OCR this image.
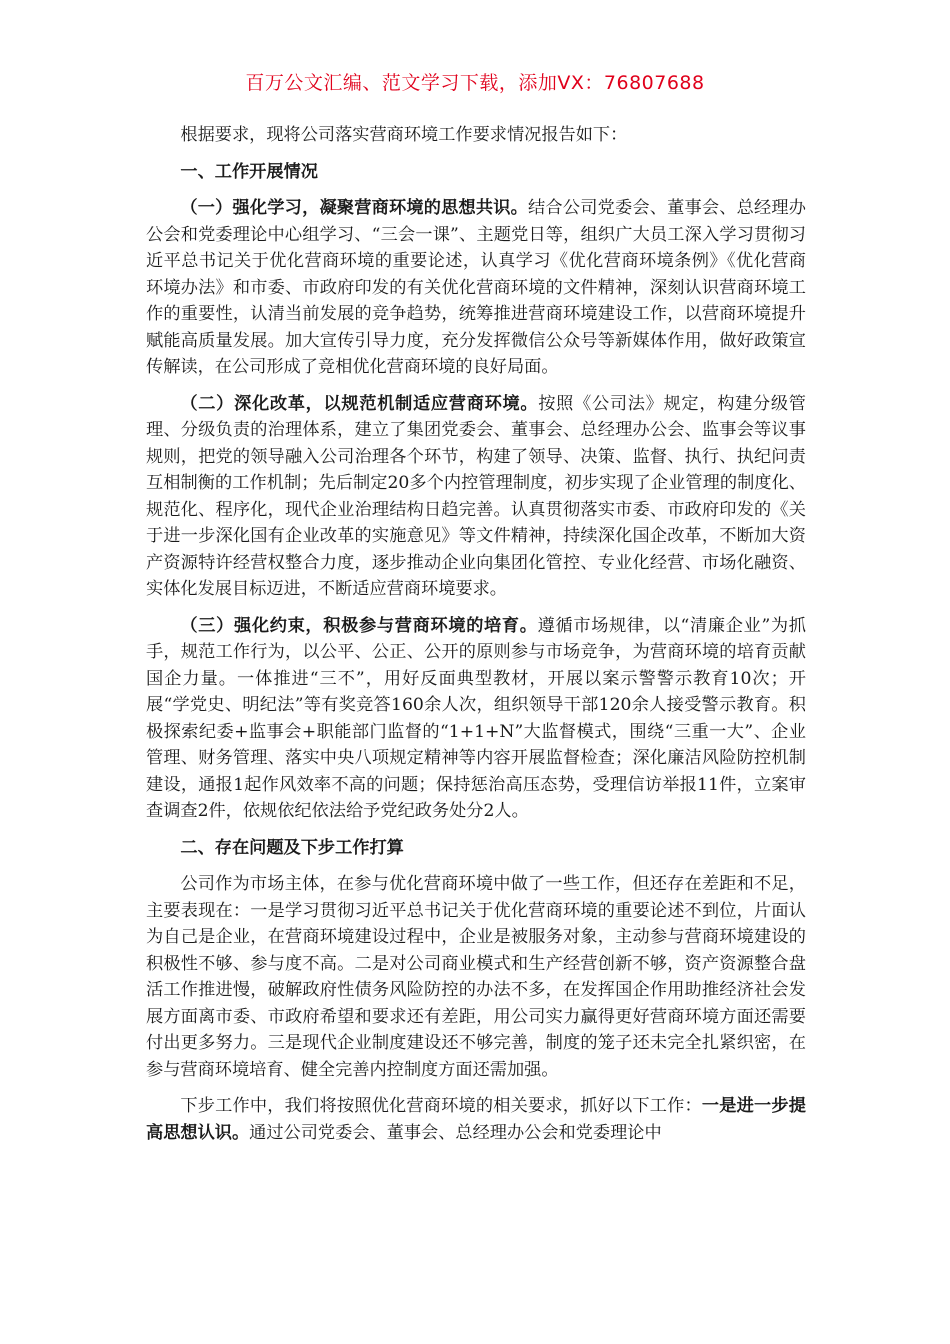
百万公文汇编、范文学习下载，添加VX：76807688

根据要求，现将公司落实营商环境工作要求情况报告如下：

一、工作开展情况

（一）强化学习，凝聚营商环境的思想共识。结合公司党委会、董事会、总经理办公会和党委理论中心组学习、“三会一课”、主题党日等，组织广大员工深入学习贯彻习近平总书记关于优化营商环境的重要论述，认真学习《优化营商环境条例》《优化营商环境办法》和市委、市政府印发的有关优化营商环境的文件精神，深刻认识营商环境工作的重要性，认清当前发展的竞争趋势，统筹推进营商环境建设工作，以营商环境提升赋能高质量发展。加大宣传引导力度，充分发挥微信公众号等新媒体作用，做好政策宣传解读，在公司形成了竞相优化营商环境的良好局面。

（二）深化改革，以规范机制适应营商环境。按照《公司法》规定，构建分级管理、分级负责的治理体系，建立了集团党委会、董事会、总经理办公会、监事会等议事规则，把党的领导融入公司治理各个环节，构建了领导、决策、监督、执行、执纪问责互相制衡的工作机制；先后制定20多个内控管理制度，初步实现了企业管理的制度化、规范化、程序化，现代企业治理结构日趋完善。认真贯彻落实市委、市政府印发的《关于进一步深化国有企业改革的实施意见》等文件精神，持续深化国企改革，不断加大资产资源特许经营权整合力度，逐步推动企业向集团化管控、专业化经营、市场化融资、实体化发展目标迈进，不断适应营商环境要求。

（三）强化约束，积极参与营商环境的培育。遵循市场规律，以“清廉企业”为抓手，规范工作行为，以公平、公正、公开的原则参与市场竞争，为营商环境的培育贡献国企力量。一体推进“三不”，用好反面典型教材，开展以案示警警示教育10次；开展“学党史、明纪法”等有奖竞答160余人次，组织领导干部120余人接受警示教育。积极探索纪委+监事会+职能部门监督的“1+1+N”大监督模式，围绕“三重一大”、企业管理、财务管理、落实中央八项规定精神等内容开展监督检查；深化廉洁风险防控机制建设，通报1起作风效率不高的问题；保持惩治高压态势，受理信访举报11件，立案审查调查2件，依规依纪依法给予党纪政务处分2人。

二、存在问题及下步工作打算

公司作为市场主体，在参与优化营商环境中做了一些工作，但还存在差距和不足，主要表现在：一是学习贯彻习近平总书记关于优化营商环境的重要论述不到位，片面认为自己是企业，在营商环境建设过程中，企业是被服务对象，主动参与营商环境建设的积极性不够、参与度不高。二是对公司商业模式和生产经营创新不够，资产资源整合盘活工作推进慢，破解政府性债务风险防控的办法不多，在发挥国企作用助推经济社会发展方面离市委、市政府希望和要求还有差距，用公司实力赢得更好营商环境方面还需要付出更多努力。三是现代企业制度建设还不够完善，制度的笼子还未完全扎紧织密，在参与营商环境培育、健全完善内控制度方面还需加强。

下步工作中，我们将按照优化营商环境的相关要求，抓好以下工作：一是进一步提高思想认识。通过公司党委会、董事会、总经理办公会和党委理论中
